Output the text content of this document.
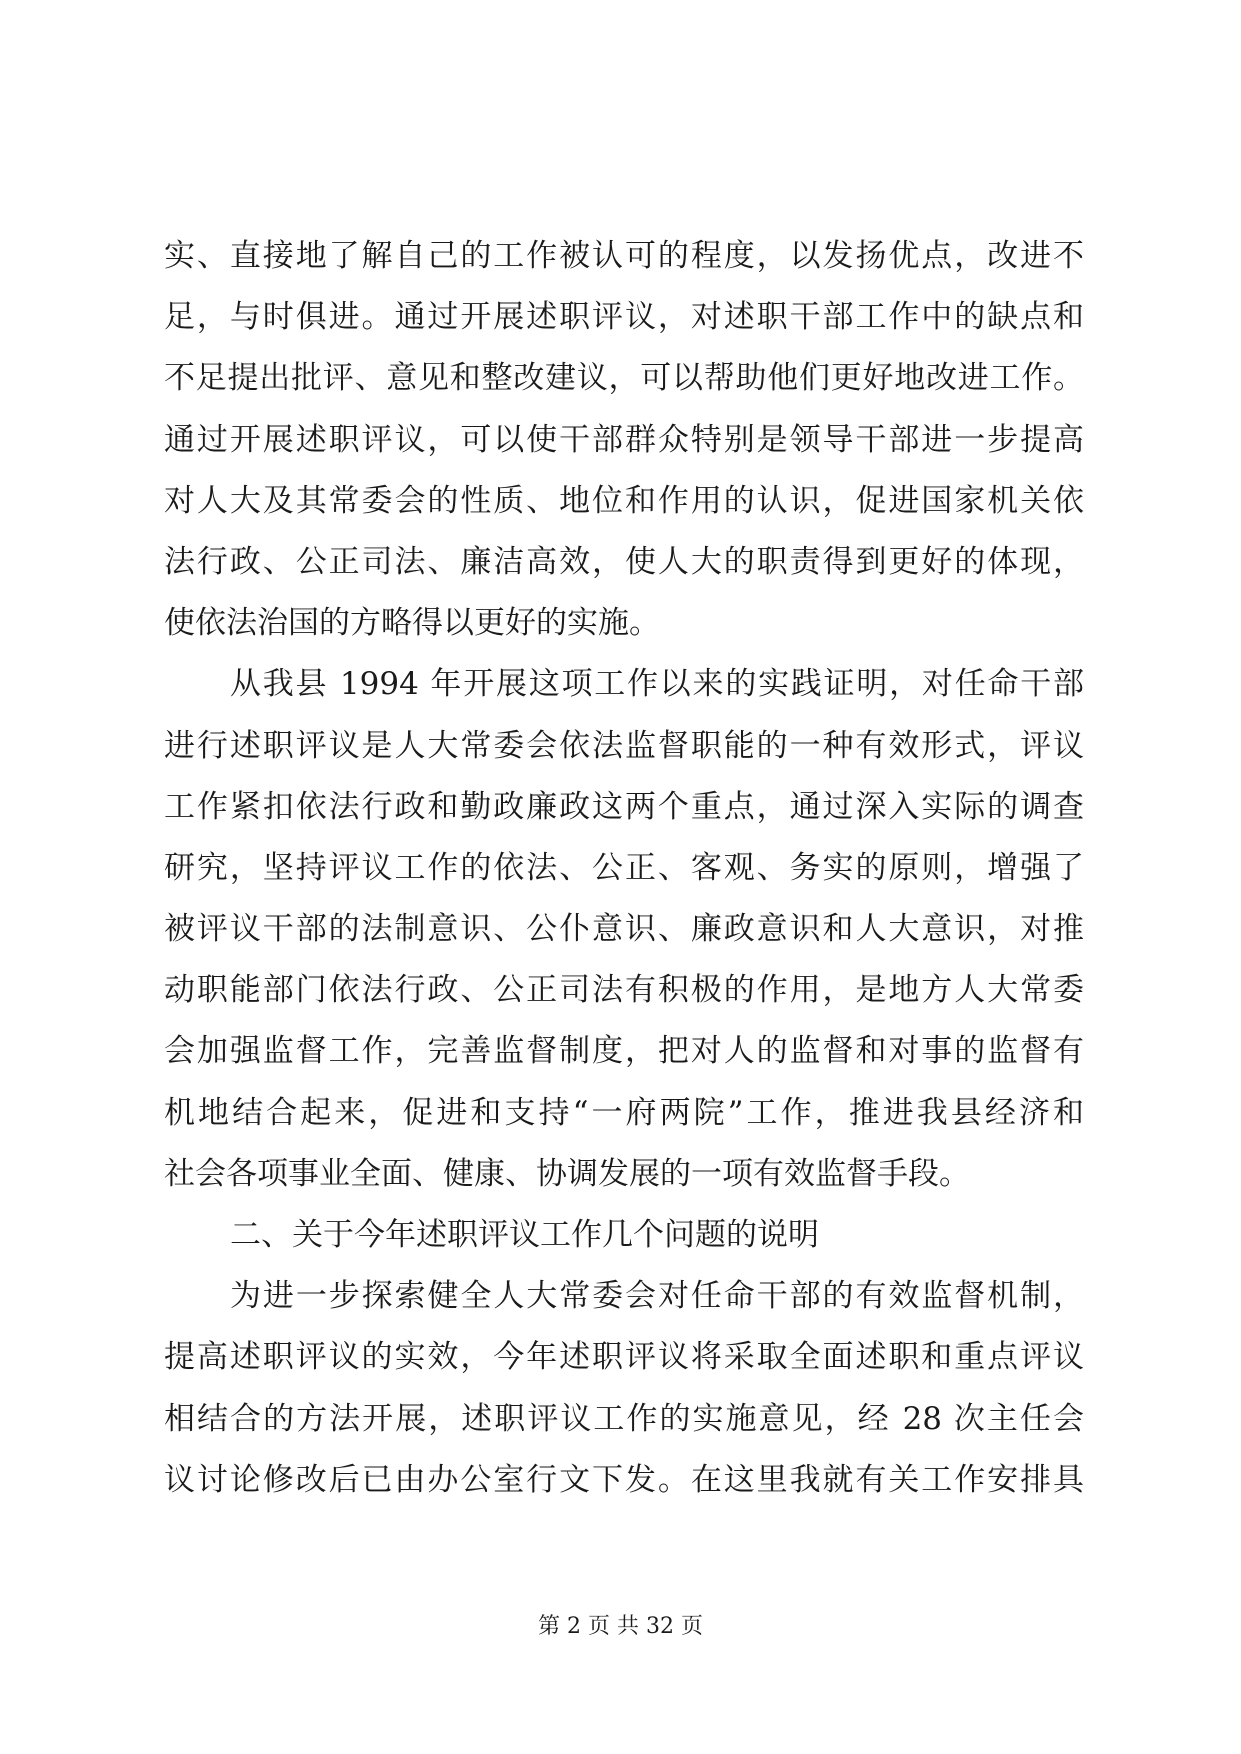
实、直接地了解自己的工作被认可的程度，以发扬优点，改进不
足，与时俱进。通过开展述职评议，对述职干部工作中的缺点和
不足提出批评、意见和整改建议，可以帮助他们更好地改进工作。
通过开展述职评议，可以使干部群众特别是领导干部进一步提高
对人大及其常委会的性质、地位和作用的认识，促进国家机关依
法行政、公正司法、廉洁高效，使人大的职责得到更好的体现，
使依法治国的方略得以更好的实施。
从我县 1994 年开展这项工作以来的实践证明，对任命干部
进行述职评议是人大常委会依法监督职能的一种有效形式，评议
工作紧扣依法行政和勤政廉政这两个重点，通过深入实际的调查
研究，坚持评议工作的依法、公正、客观、务实的原则，增强了
被评议干部的法制意识、公仆意识、廉政意识和人大意识，对推
动职能部门依法行政、公正司法有积极的作用，是地方人大常委
会加强监督工作，完善监督制度，把对人的监督和对事的监督有
机地结合起来，促进和支持“一府两院”工作，推进我县经济和
社会各项事业全面、健康、协调发展的一项有效监督手段。
二、关于今年述职评议工作几个问题的说明
为进一步探索健全人大常委会对任命干部的有效监督机制，
提高述职评议的实效，今年述职评议将采取全面述职和重点评议
相结合的方法开展，述职评议工作的实施意见，经 28 次主任会
议讨论修改后已由办公室行文下发。在这里我就有关工作安排具
第 2 页 共 32 页
